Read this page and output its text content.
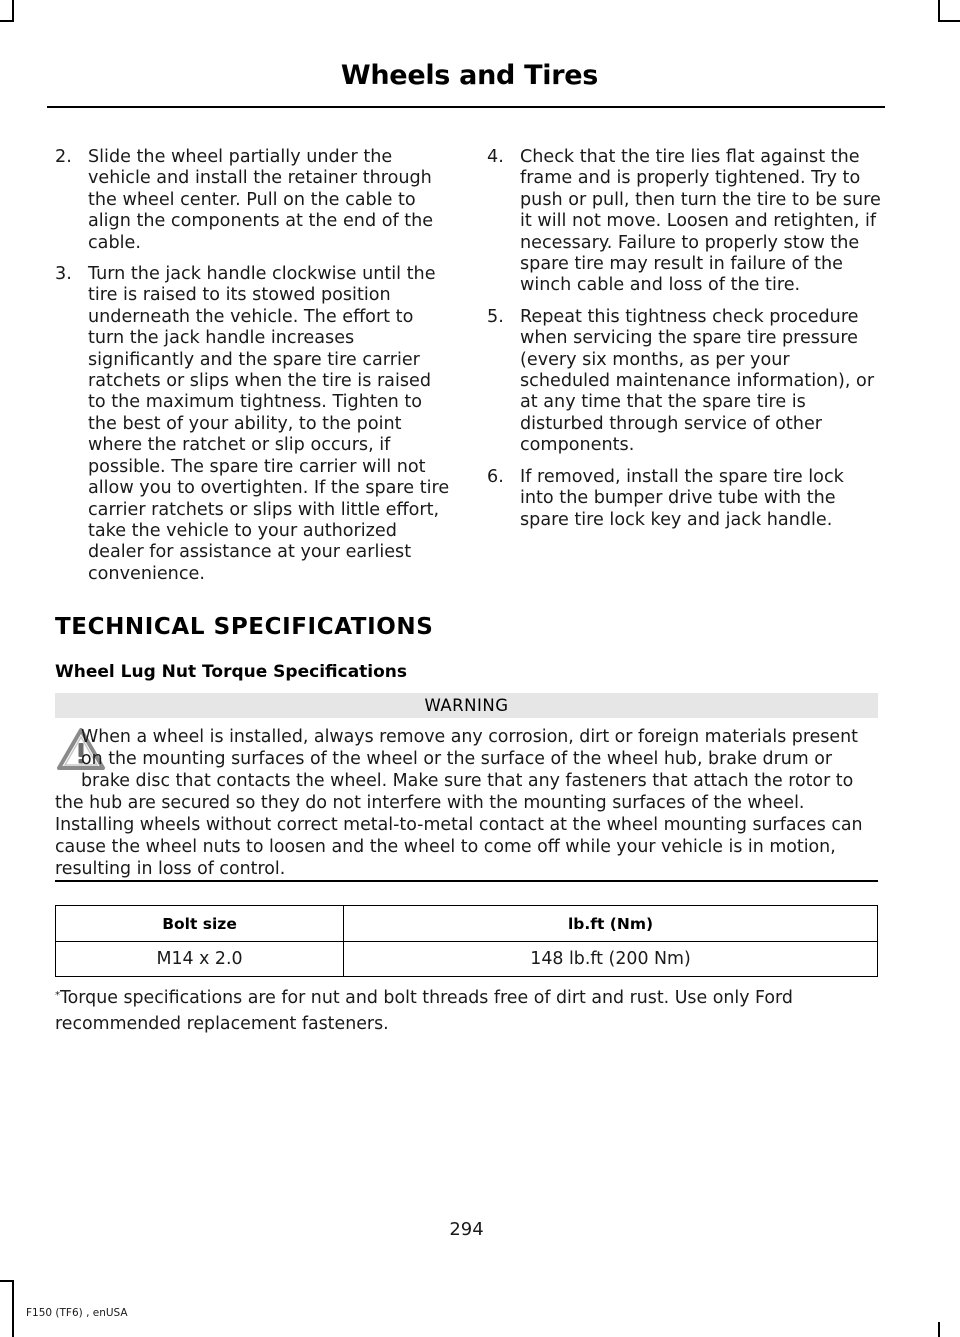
Wheels and Tires
2. Slide the wheel partially under the vehicle and install the retainer through the wheel center. Pull on the cable to align the components at the end of the cable.
3. Turn the jack handle clockwise until the tire is raised to its stowed position underneath the vehicle. The effort to turn the jack handle increases significantly and the spare tire carrier ratchets or slips when the tire is raised to the maximum tightness. Tighten to the best of your ability, to the point where the ratchet or slip occurs, if possible. The spare tire carrier will not allow you to overtighten. If the spare tire carrier ratchets or slips with little effort, take the vehicle to your authorized dealer for assistance at your earliest convenience.
4. Check that the tire lies flat against the frame and is properly tightened. Try to push or pull, then turn the tire to be sure it will not move. Loosen and retighten, if necessary. Failure to properly stow the spare tire may result in failure of the winch cable and loss of the tire.
5. Repeat this tightness check procedure when servicing the spare tire pressure (every six months, as per your scheduled maintenance information), or at any time that the spare tire is disturbed through service of other components.
6. If removed, install the spare tire lock into the bumper drive tube with the spare tire lock key and jack handle.
TECHNICAL SPECIFICATIONS
Wheel Lug Nut Torque Specifications
WARNING
When a wheel is installed, always remove any corrosion, dirt or foreign materials present on the mounting surfaces of the wheel or the surface of the wheel hub, brake drum or brake disc that contacts the wheel. Make sure that any fasteners that attach the rotor to the hub are secured so they do not interfere with the mounting surfaces of the wheel. Installing wheels without correct metal-to-metal contact at the wheel mounting surfaces can cause the wheel nuts to loosen and the wheel to come off while your vehicle is in motion, resulting in loss of control.
Bolt size	lb.ft (Nm)
M14 x 2.0	148 lb.ft (200 Nm)
*Torque specifications are for nut and bolt threads free of dirt and rust. Use only Ford recommended replacement fasteners.
294
F150 (TF6) , enUSA
